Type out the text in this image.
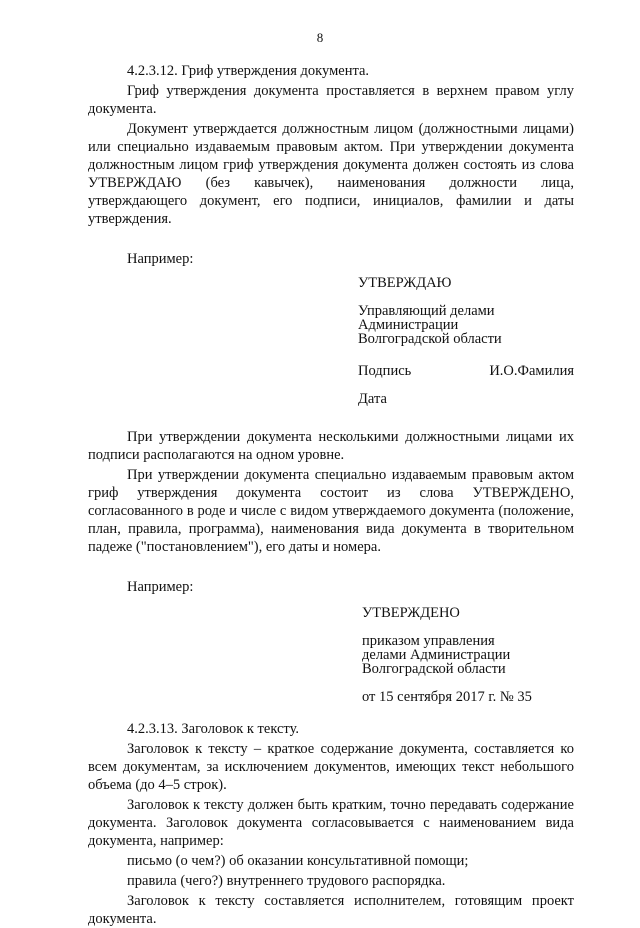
8

4.2.3.12. Гриф утверждения документа.

Гриф утверждения документа проставляется в верхнем правом углу документа.

Документ утверждается должностным лицом (должностными лицами) или специально издаваемым правовым актом. При утверждении документа должностным лицом гриф утверждения документа должен состоять из слова УТВЕРЖДАЮ (без кавычек), наименования должности лица, утверждающего документ, его подписи, инициалов, фамилии и даты утверждения.

Например:

УТВЕРЖДАЮ
Управляющий делами
Администрации
Волгоградской области
Подпись	И.О.Фамилия
Дата

При утверждении документа несколькими должностными лицами их подписи располагаются на одном уровне.

При утверждении документа специально издаваемым правовым актом гриф утверждения документа состоит из слова УТВЕРЖДЕНО, согласованного в роде и числе с видом утверждаемого документа (положение, план, правила, программа), наименования вида документа в творительном падеже ("постановлением"), его даты и номера.

Например:

УТВЕРЖДЕНО
приказом управления
делами Администрации
Волгоградской области
от 15 сентября 2017 г. № 35

4.2.3.13. Заголовок к тексту.

Заголовок к тексту – краткое содержание документа, составляется ко всем документам, за исключением документов, имеющих текст небольшого объема (до 4–5 строк).

Заголовок к тексту должен быть кратким, точно передавать содержание документа. Заголовок документа согласовывается с наименованием вида документа, например:

письмо (о чем?) об оказании консультативной помощи;

правила (чего?) внутреннего трудового распорядка.

Заголовок к тексту составляется исполнителем, готовящим проект документа.
